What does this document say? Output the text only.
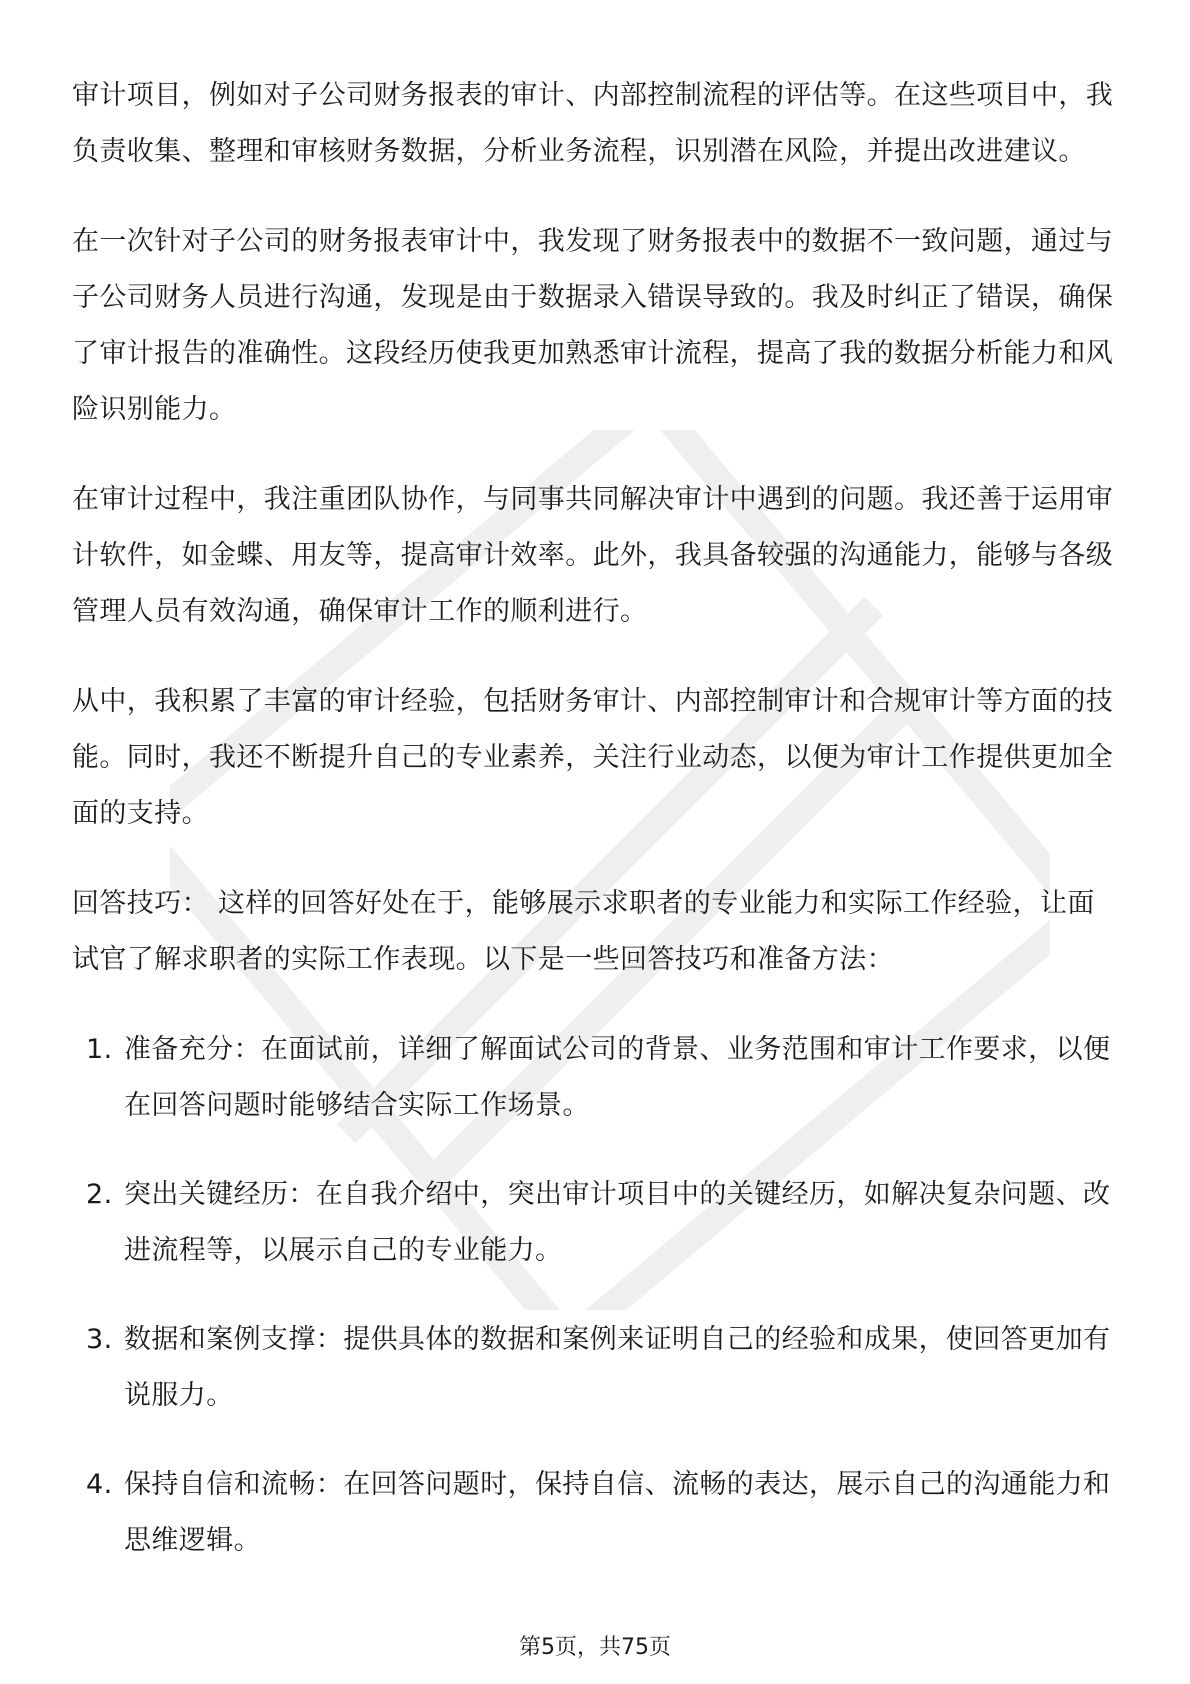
审计项目，例如对子公司财务报表的审计、内部控制流程的评估等。在这些项目中，我负责收集、整理和审核财务数据，分析业务流程，识别潜在风险，并提出改进建议。

在一次针对子公司的财务报表审计中，我发现了财务报表中的数据不一致问题，通过与子公司财务人员进行沟通，发现是由于数据录入错误导致的。我及时纠正了错误，确保了审计报告的准确性。这段经历使我更加熟悉审计流程，提高了我的数据分析能力和风险识别能力。

在审计过程中，我注重团队协作，与同事共同解决审计中遇到的问题。我还善于运用审计软件，如金蝶、用友等，提高审计效率。此外，我具备较强的沟通能力，能够与各级管理人员有效沟通，确保审计工作的顺利进行。

从中，我积累了丰富的审计经验，包括财务审计、内部控制审计和合规审计等方面的技能。同时，我还不断提升自己的专业素养，关注行业动态，以便为审计工作提供更加全面的支持。

回答技巧： 这样的回答好处在于，能够展示求职者的专业能力和实际工作经验，让面试官了解求职者的实际工作表现。以下是一些回答技巧和准备方法：

1. 准备充分：在面试前，详细了解面试公司的背景、业务范围和审计工作要求，以便在回答问题时能够结合实际工作场景。
2. 突出关键经历：在自我介绍中，突出审计项目中的关键经历，如解决复杂问题、改进流程等，以展示自己的专业能力。
3. 数据和案例支撑：提供具体的数据和案例来证明自己的经验和成果，使回答更加有说服力。
4. 保持自信和流畅：在回答问题时，保持自信、流畅的表达，展示自己的沟通能力和思维逻辑。
第5页，共75页
